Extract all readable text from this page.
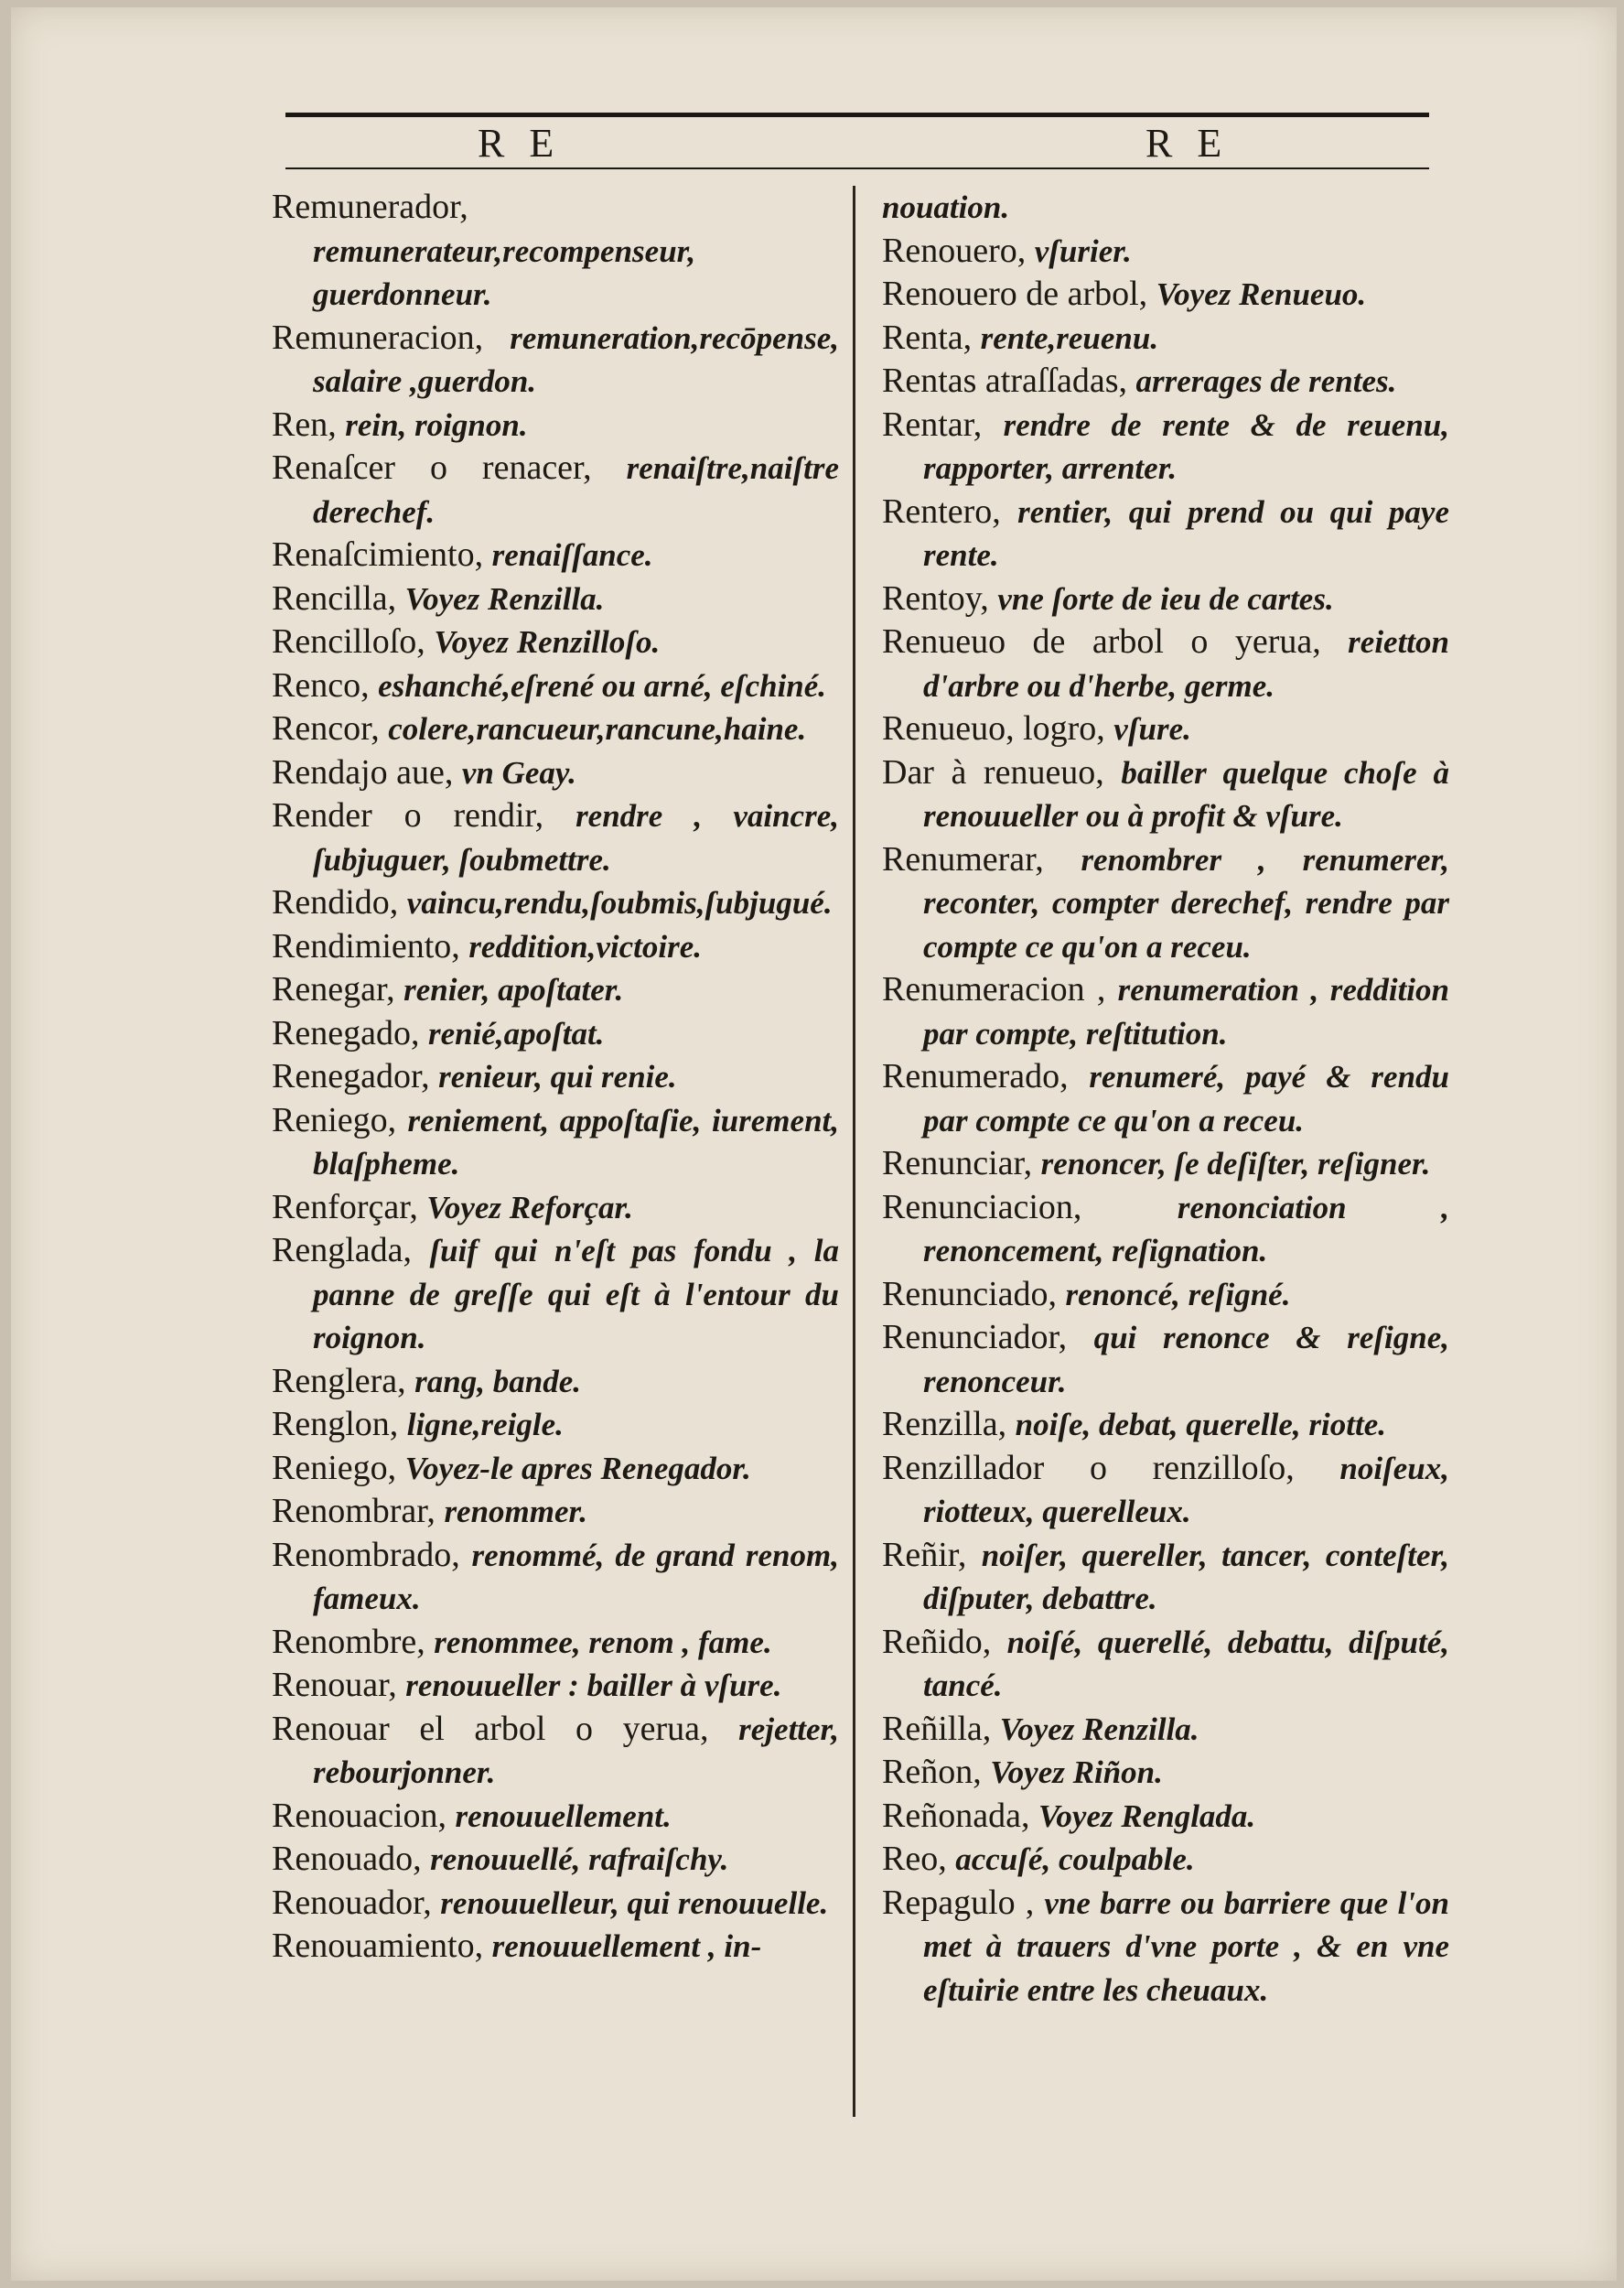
R E	R E

Remunerador, remunerateur,recompenseur, guerdonneur.

Remuneracion, remuneration,recōpense, salaire ,guerdon.

Ren, rein, roignon.

Renaſcer o renacer, renaiſtre,naiſtre derechef.

Renaſcimiento, renaiſſance.

Rencilla, Voyez Renzilla.

Rencilloſo, Voyez Renzilloſo.

Renco, eshanché,eſrené ou arné, eſchiné.

Rencor, colere,rancueur,rancune,haine.

Rendajo aue, vn Geay.

Render o rendir, rendre , vaincre, ſubjuguer, ſoubmettre.

Rendido, vaincu,rendu,ſoubmis,ſubjugué.

Rendimiento, reddition,victoire.

Renegar, renier, apoſtater.

Renegado, renié,apoſtat.

Renegador, renieur, qui renie.

Reniego, reniement, appoſtaſie, iurement, blaſpheme.

Renforçar, Voyez Reforçar.

Renglada, ſuif qui n'eſt pas fondu , la panne de greſſe qui eſt à l'entour du roignon.

Renglera, rang, bande.

Renglon, ligne,reigle.

Reniego, Voyez-le apres Renegador.

Renombrar, renommer.

Renombrado, renommé, de grand renom, fameux.

Renombre, renommee, renom , fame.

Renouar, renouueller : bailler à vſure.

Renouar el arbol o yerua, rejetter, rebourjonner.

Renouacion, renouuellement.

Renouado, renouuellé, rafraiſchy.

Renouador, renouuelleur, qui renouuelle.

Renouamiento, renouuellement , in-

nouation.

Renouero, vſurier.

Renouero de arbol, Voyez Renueuo.

Renta, rente,reuenu.

Rentas atraſſadas, arrerages de rentes.

Rentar, rendre de rente & de reuenu, rapporter, arrenter.

Rentero, rentier, qui prend ou qui paye rente.

Rentoy, vne ſorte de ieu de cartes.

Renueuo de arbol o yerua, reietton d'arbre ou d'herbe, germe.

Renueuo, logro, vſure.

Dar à renueuo, bailler quelque choſe à renouueller ou à profit & vſure.

Renumerar, renombrer , renumerer, reconter, compter derechef, rendre par compte ce qu'on a receu.

Renumeracion , renumeration , reddition par compte, reſtitution.

Renumerado, renumeré, payé & rendu par compte ce qu'on a receu.

Renunciar, renoncer, ſe deſiſter, reſigner.

Renunciacion,	renonciation , renoncement, reſignation.

Renunciado, renoncé, reſigné.

Renunciador, qui renonce & reſigne, renonceur.

Renzilla, noiſe, debat, querelle, riotte.

Renzillador o renzilloſo, noiſeux, riotteux, querelleux.

Reñir, noiſer, quereller, tancer, conteſter, diſputer, debattre.

Reñido, noiſé, querellé, debattu, diſputé, tancé.

Reñilla, Voyez Renzilla.

Reñon, Voyez Riñon.

Reñonada, Voyez Renglada.

Reo, accuſé, coulpable.

Repagulo , vne barre ou barriere que l'on met à trauers d'vne porte , & en vne eſtuirie entre les cheuaux.
